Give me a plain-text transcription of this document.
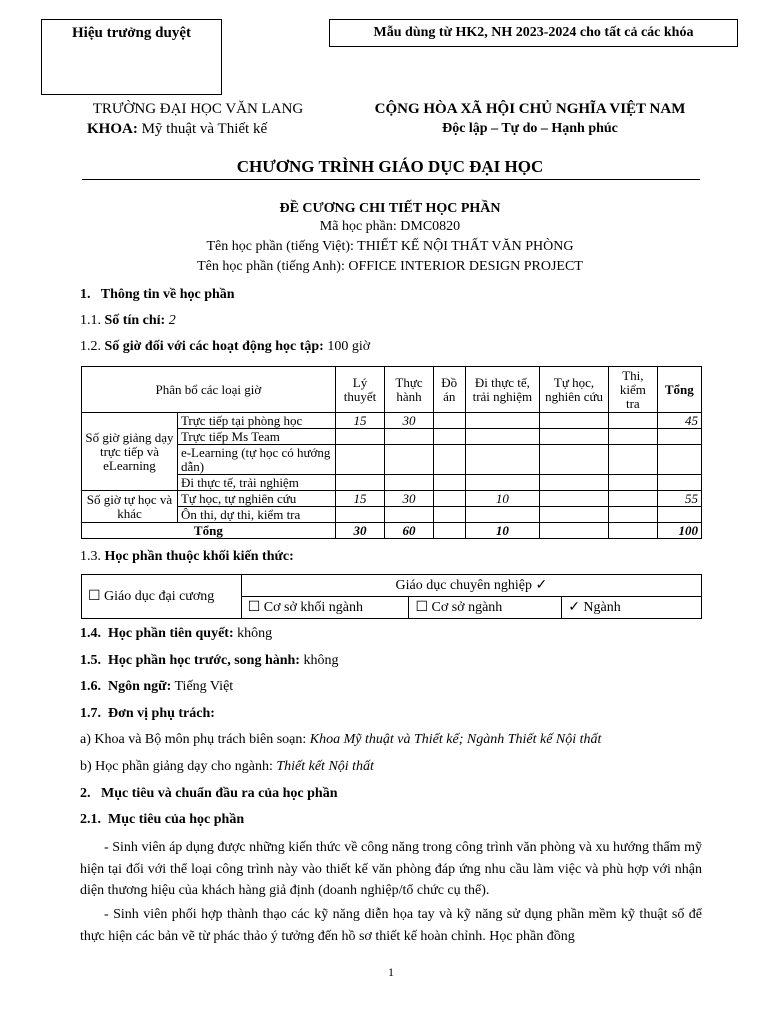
Hiệu trưởng duyệt	Mẫu dùng từ HK2, NH 2023-2024 cho tất cả các khóa
TRƯỜNG ĐẠI HỌC VĂN LANG
KHOA: Mỹ thuật và Thiết kế
CỘNG HÒA XÃ HỘI CHỦ NGHĨA VIỆT NAM
Độc lập – Tự do – Hạnh phúc
CHƯƠNG TRÌNH GIÁO DỤC ĐẠI HỌC
ĐỀ CƯƠNG CHI TIẾT HỌC PHẦN
Mã học phần: DMC0820
Tên học phần (tiếng Việt): THIẾT KẾ NỘI THẤT VĂN PHÒNG
Tên học phần (tiếng Anh): OFFICE INTERIOR DESIGN PROJECT
1.   Thông tin về học phần
1.1. Số tín chỉ: 2
1.2. Số giờ đối với các hoạt động học tập: 100 giờ
Phân bổ các loại giờ		Lý thuyết	Thực hành	Đồ án	Đi thực tế, trải nghiệm	Tự học, nghiên cứu	Thi, kiểm tra	Tổng
Số giờ giảng dạy trực tiếp và eLearning	Trực tiếp tại phòng học	15	30					45
	Trực tiếp Ms Team							
	e-Learning (tự học có hướng dẫn)							
	Đi thực tế, trải nghiệm							
Số giờ tự học và khác	Tự học, tự nghiên cứu	15	30		10			55
	Ôn thi, dự thi, kiểm tra							
Tổng		30	60		10			100
1.3. Học phần thuộc khối kiến thức:
☐ Giáo dục đại cương	Giáo dục chuyên nghiệp ✓		
	☐ Cơ sở khối ngành	☐ Cơ sở ngành	✓ Ngành
1.4.  Học phần tiên quyết: không
1.5.  Học phần học trước, song hành: không
1.6.  Ngôn ngữ: Tiếng Việt
1.7.  Đơn vị phụ trách:
a) Khoa và Bộ môn phụ trách biên soạn: Khoa Mỹ thuật và Thiết kế; Ngành Thiết kế Nội thất
b) Học phần giảng dạy cho ngành: Thiết kết Nội thất
2.   Mục tiêu và chuẩn đầu ra của học phần
2.1.  Mục tiêu của học phần

- Sinh viên áp dụng được những kiến thức về công năng trong công trình văn phòng và xu hướng thẩm mỹ hiện tại đối với thể loại công trình này vào thiết kế văn phòng đáp ứng nhu cầu làm việc và phù hợp với nhận diện thương hiệu của khách hàng giả định (doanh nghiệp/tổ chức cụ thể).

- Sinh viên phối hợp thành thạo các kỹ năng diễn họa tay và kỹ năng sử dụng phần mềm kỹ thuật số để thực hiện các bản vẽ từ phác thảo ý tưởng đến hồ sơ thiết kế hoàn chỉnh. Học phần đồng

1
